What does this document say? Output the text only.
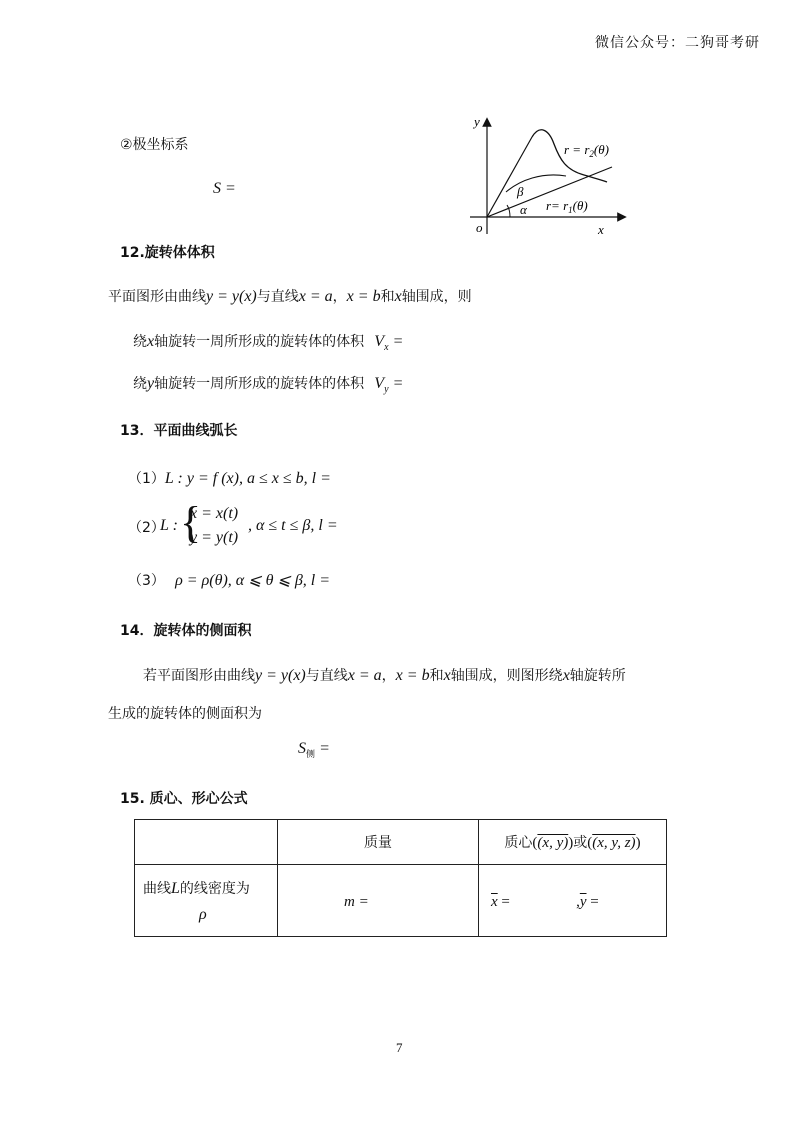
微信公众号：二狗哥考研
②极坐标系
S =
y
x
o
$r = r_2(\theta)$
$r= r_1(\theta)$
β
α
12.旋转体体积
平面图形由曲线y = y(x)与直线x = a，x = b和x轴围成，则
绕x轴旋转一周所形成的旋转体的体积 $V_x$ =
绕y轴旋转一周所形成的旋转体的体积 $V_y$ =
13．平面曲线弧长
（1）L : y = f (x), a ≤ x ≤ b, l =
（2）
L : {
x = x(t)
y = y(t)
, α ≤ t ≤ β, l =
（3） ρ = ρ(θ), α ⩽ θ ⩽ β, l =
14．旋转体的侧面积
若平面图形由曲线y = y(x)与直线x = a，x = b和x轴围成，则图形绕x轴旋转所
生成的旋转体的侧面积为
$S_侧$ =
15. 质心、形心公式
	质量	质心((x, y))或((x, y, z))

曲线L的线密度为
ρ	m =	$\overline{x} = ,\overline{y}$ =
7
